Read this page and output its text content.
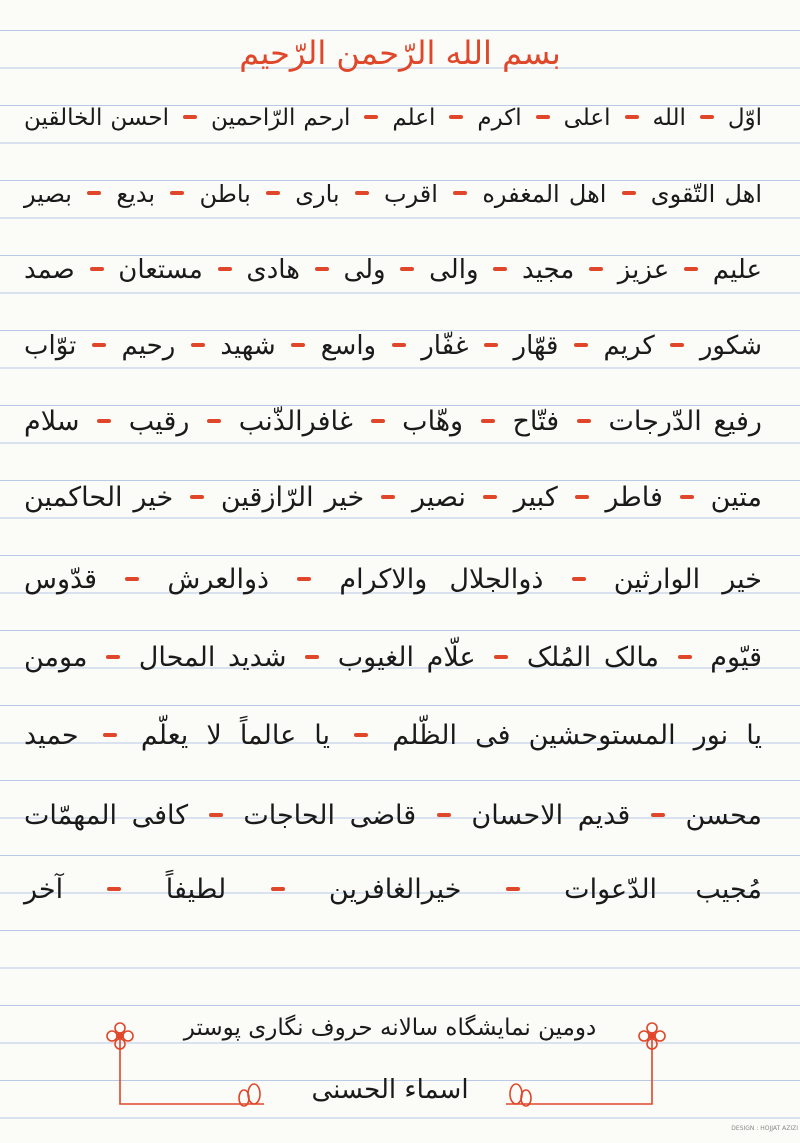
بسم الله الرّحمن الرّحیم
اوّل  الله  اعلی  اکرم  اعلم  ارحم الرّاحمین  احسن الخالقین
اهل التّقوی  اهل المغفره  اقرب  باری  باطن  بدیع  بصیر
علیم  عزیز  مجید  والی  ولی  هادی  مستعان  صمد
شکور  کریم  قهّار  غفّار  واسع  شهید  رحیم  توّاب
رفیع الدّرجات  فتّاح  وهّاب  غافرالذّنب  رقیب  سلام
متین  فاطر  کبیر  نصیر  خیر الرّازقین  خیر الحاکمین
خیر الوارثین  ذوالجلال والاکرام  ذوالعرش  قدّوس
قیّوم  مالک المُلک  علّام الغیوب  شدید المحال  مومن
یا نور المستوحشین فی الظّلم  یا عالماً لا یعلّم  حمید
محسن  قدیم الاحسان  قاضی الحاجات  کافی المهمّات
مُجیب الدّعوات  خیرالغافرین  لطیفاً  آخر
دومین نمایشگاه سالانه حروف نگاری پوستر
اسماء الحسنی
DESIGN : HOJJAT AZIZI
